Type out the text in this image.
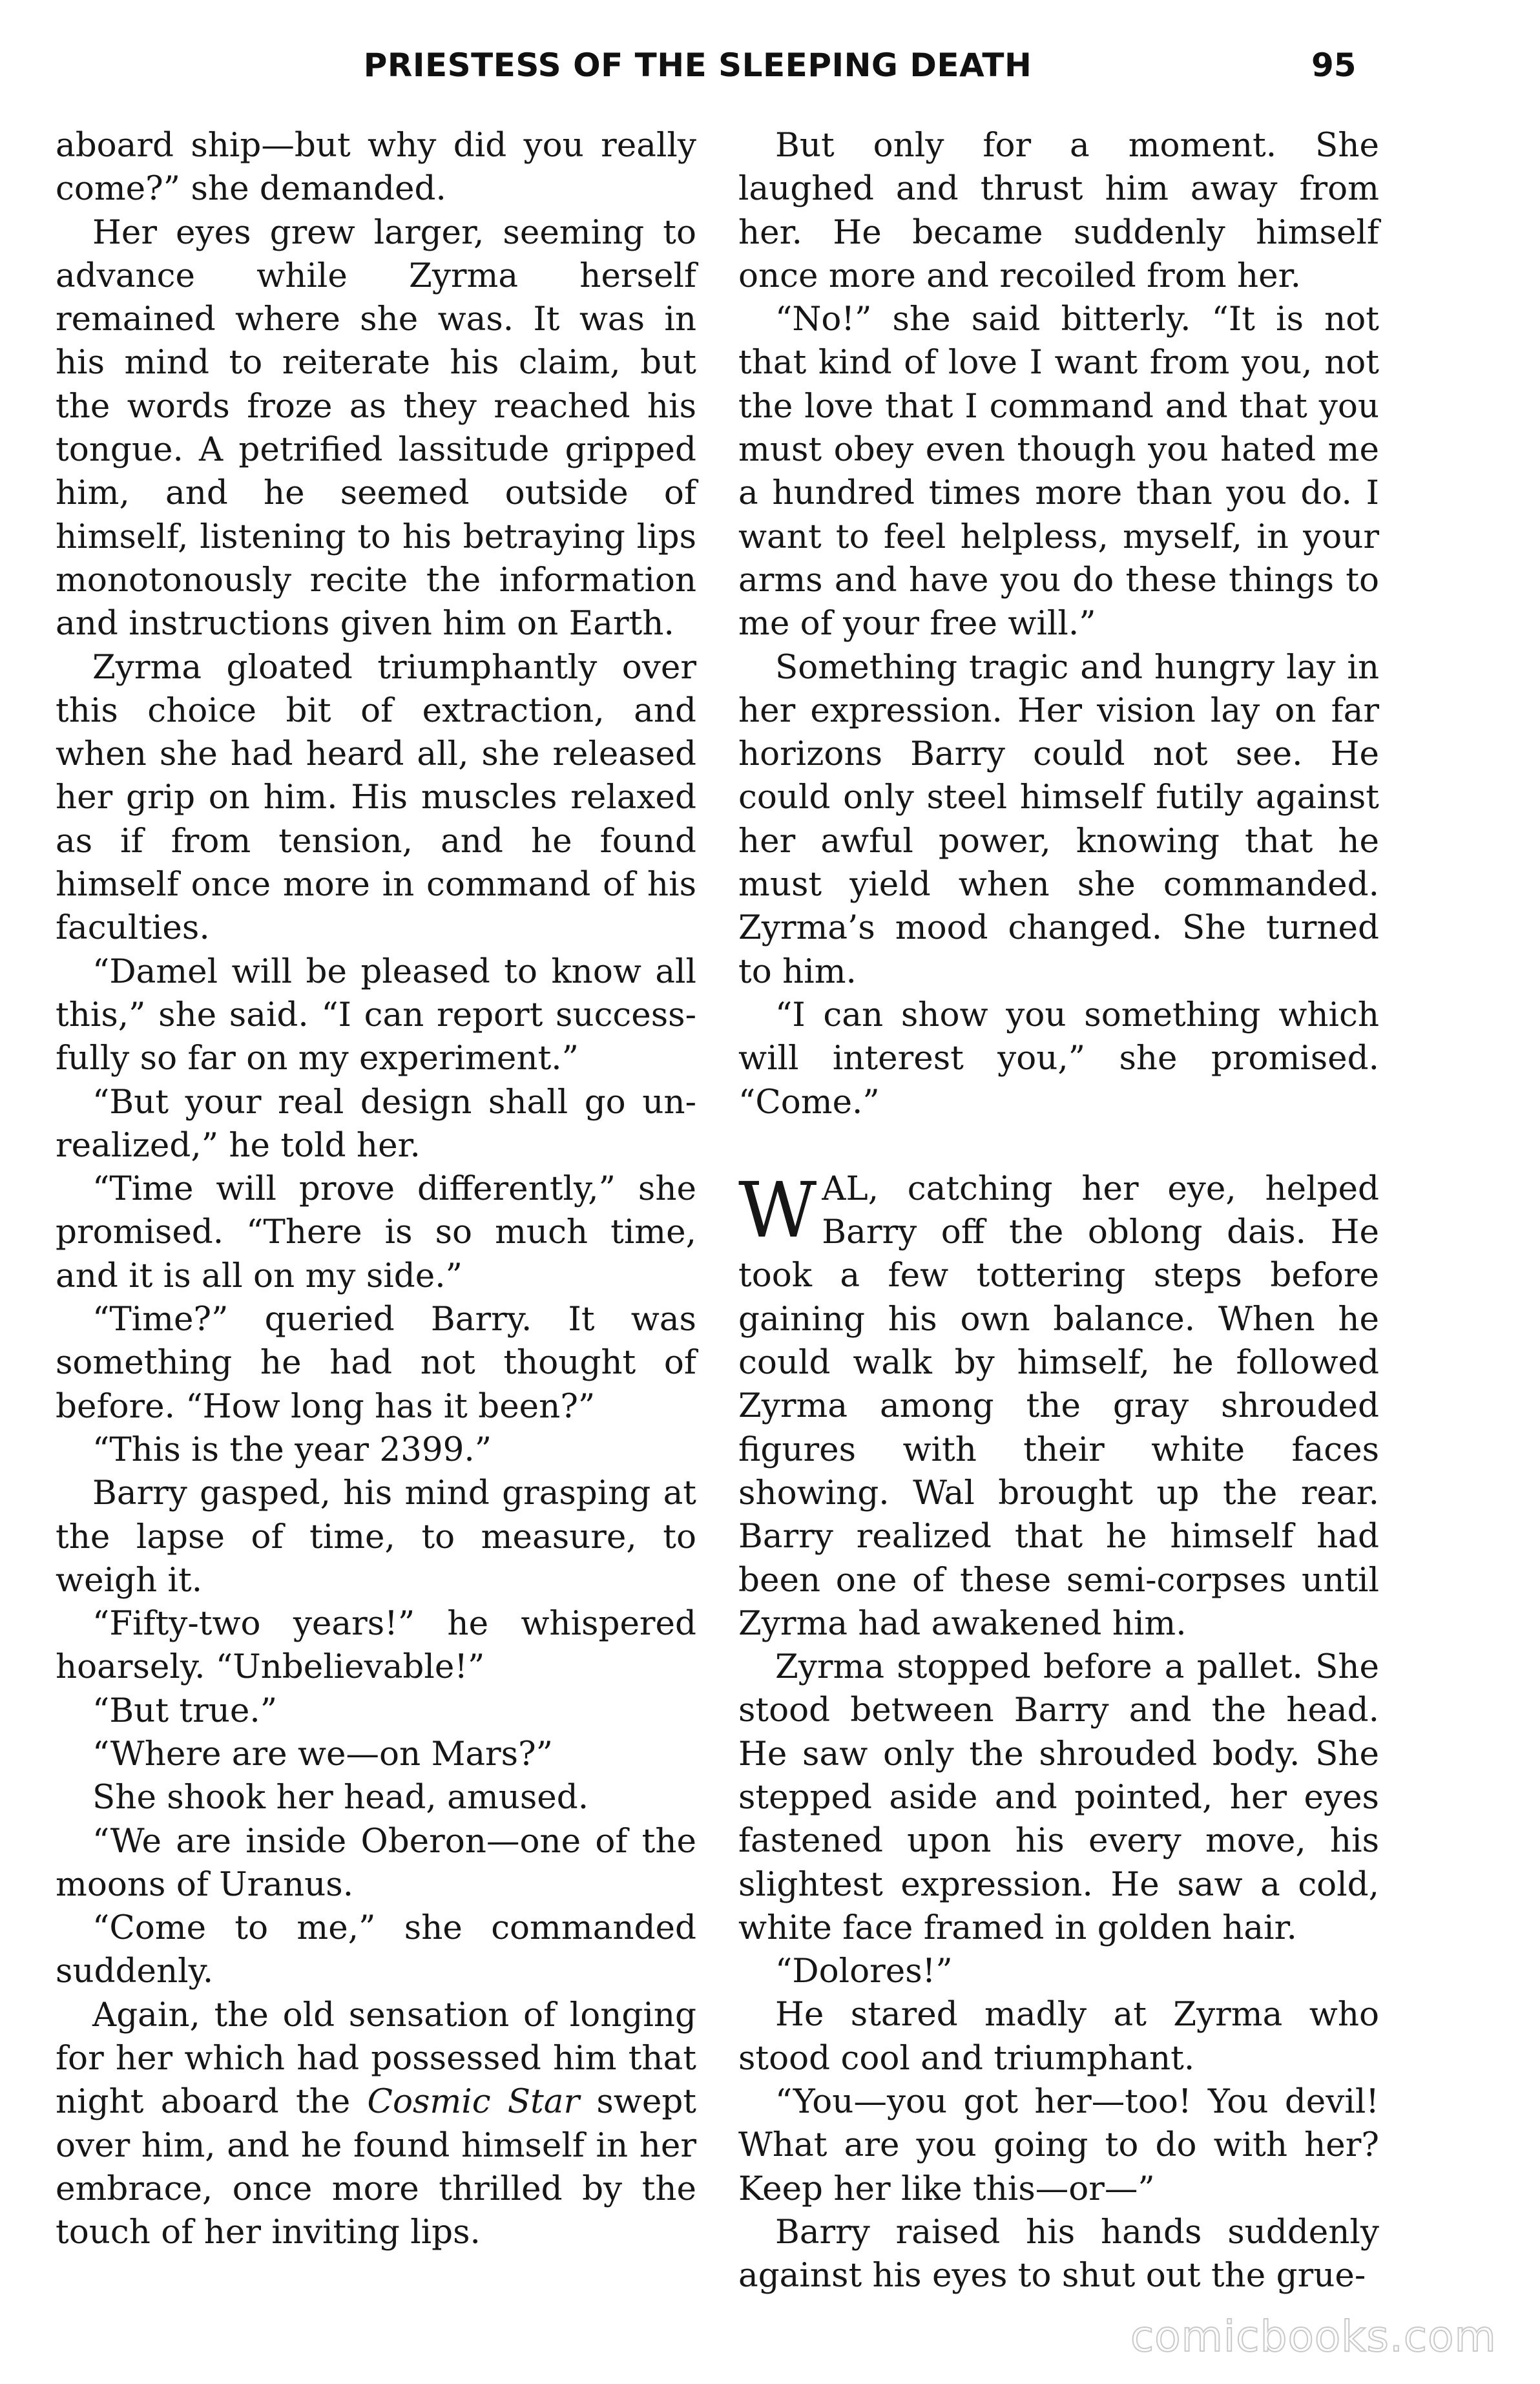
PRIESTESS OF THE SLEEPING DEATH	95

aboard ship—but why did you really come?” she demanded.

Her eyes grew larger, seeming to advance while Zyrma herself remained where she was. It was in his mind to reiterate his claim, but the words froze as they reached his tongue. A petrified lassitude gripped him, and he seemed outside of himself, listening to his betraying lips monotonously recite the information and instructions given him on Earth.

Zyrma gloated triumphantly over this choice bit of extraction, and when she had heard all, she released her grip on him. His muscles relaxed as if from tension, and he found himself once more in command of his faculties.

“Damel will be pleased to know all this,” she said. “I can report successfully so far on my experiment.”

“But your real design shall go unrealized,” he told her.

“Time will prove differently,” she promised. “There is so much time, and it is all on my side.”

“Time?” queried Barry. It was something he had not thought of before. “How long has it been?”

“This is the year 2399.”

Barry gasped, his mind grasping at the lapse of time, to measure, to weigh it.

“Fifty-two years!” he whispered hoarsely. “Unbelievable!”

“But true.”

“Where are we—on Mars?”

She shook her head, amused.

“We are inside Oberon—one of the moons of Uranus.

“Come to me,” she commanded suddenly.

Again, the old sensation of longing for her which had possessed him that night aboard the Cosmic Star swept over him, and he found himself in her embrace, once more thrilled by the touch of her inviting lips.

But only for a moment. She laughed and thrust him away from her. He became suddenly himself once more and recoiled from her.

“No!” she said bitterly. “It is not that kind of love I want from you, not the love that I command and that you must obey even though you hated me a hundred times more than you do. I want to feel helpless, myself, in your arms and have you do these things to me of your free will.”

Something tragic and hungry lay in her expression. Her vision lay on far horizons Barry could not see. He could only steel himself futily against her awful power, knowing that he must yield when she commanded. Zyrma’s mood changed. She turned to him.

“I can show you something which will interest you,” she promised. “Come.”

WAL, catching her eye, helped Barry off the oblong dais. He took a few tottering steps before gaining his own balance. When he could walk by himself, he followed Zyrma among the gray shrouded figures with their white faces showing. Wal brought up the rear. Barry realized that he himself had been one of these semi-corpses until Zyrma had awakened him.

Zyrma stopped before a pallet. She stood between Barry and the head. He saw only the shrouded body. She stepped aside and pointed, her eyes fastened upon his every move, his slightest expression. He saw a cold, white face framed in golden hair.

“Dolores!”

He stared madly at Zyrma who stood cool and triumphant.

“You—you got her—too! You devil! What are you going to do with her? Keep her like this—or—”

Barry raised his hands suddenly against his eyes to shut out the grue-

comicbooks.com
